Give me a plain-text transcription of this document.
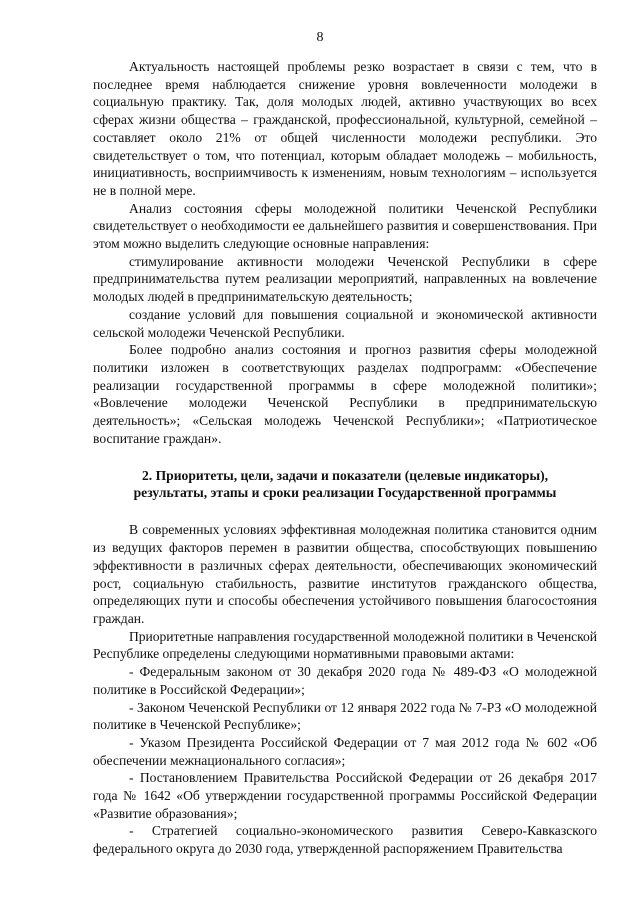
8

Актуальность настоящей проблемы резко возрастает в связи с тем, что в последнее время наблюдается снижение уровня вовлеченности молодежи в социальную практику. Так, доля молодых людей, активно участвующих во всех сферах жизни общества – гражданской, профессиональной, культурной, семейной – составляет около 21% от общей численности молодежи республики. Это свидетельствует о том, что потенциал, которым обладает молодежь – мобильность, инициативность, восприимчивость к изменениям, новым технологиям – используется не в полной мере.

Анализ состояния сферы молодежной политики Чеченской Республики свидетельствует о необходимости ее дальнейшего развития и совершенствования. При этом можно выделить следующие основные направления:

стимулирование активности молодежи Чеченской Республики в сфере предпринимательства путем реализации мероприятий, направленных на вовлечение молодых людей в предпринимательскую деятельность;

создание условий для повышения социальной и экономической активности сельской молодежи Чеченской Республики.

Более подробно анализ состояния и прогноз развития сферы молодежной политики изложен в соответствующих разделах подпрограмм: «Обеспечение реализации государственной программы в сфере молодежной политики»; «Вовлечение молодежи Чеченской Республики в предпринимательскую деятельность»; «Сельская молодежь Чеченской Республики»; «Патриотическое воспитание граждан».

2. Приоритеты, цели, задачи и показатели (целевые индикаторы),
результаты, этапы и сроки реализации Государственной программы

В современных условиях эффективная молодежная политика становится одним из ведущих факторов перемен в развитии общества, способствующих повышению эффективности в различных сферах деятельности, обеспечивающих экономический рост, социальную стабильность, развитие институтов гражданского общества, определяющих пути и способы обеспечения устойчивого повышения благосостояния граждан.

Приоритетные направления государственной молодежной политики в Чеченской Республике определены следующими нормативными правовыми актами:

- Федеральным законом от 30 декабря 2020 года № 489-ФЗ «О молодежной политике в Российской Федерации»;

- Законом Чеченской Республики от 12 января 2022 года № 7-РЗ «О молодежной политике в Чеченской Республике»;

- Указом Президента Российской Федерации от 7 мая 2012 года № 602 «Об обеспечении межнационального согласия»;

- Постановлением Правительства Российской Федерации от 26 декабря 2017 года № 1642 «Об утверждении государственной программы Российской Федерации «Развитие образования»;

- Стратегией социально-экономического развития Северо-Кавказского федерального округа до 2030 года, утвержденной распоряжением Правительства
